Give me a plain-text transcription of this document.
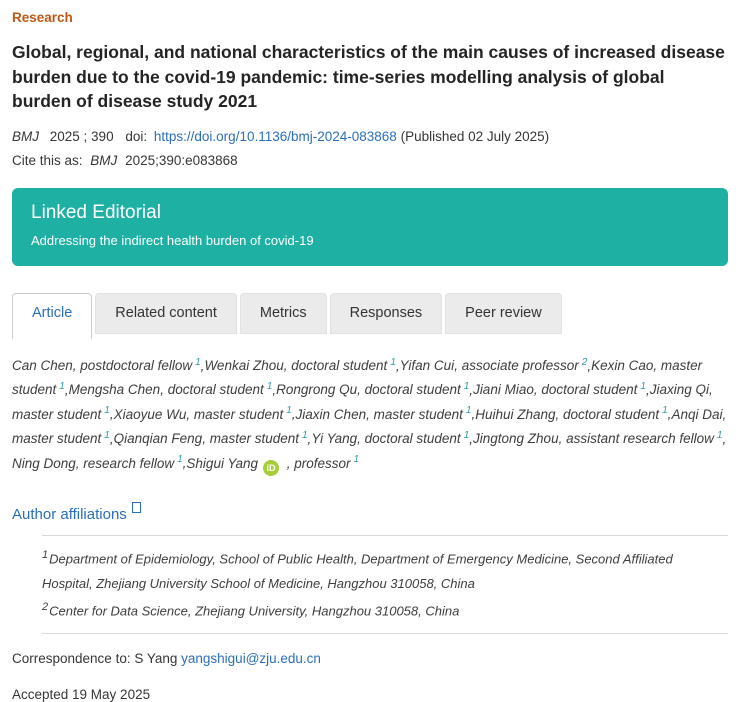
Research
Global, regional, and national characteristics of the main causes of increased disease burden due to the covid-19 pandemic: time-series modelling analysis of global burden of disease study 2021
BMJ 2025 ; 390 doi: https://doi.org/10.1136/bmj-2024-083868 (Published 02 July 2025)
Cite this as: BMJ 2025;390:e083868
Linked Editorial
Addressing the indirect health burden of covid-19
Article	Related content	Metrics	Responses	Peer review
Can Chen, postdoctoral fellow $^1$,​Wenkai Zhou, doctoral student $^1$,​Yifan Cui, associate professor $^2$,​Kexin Cao, master student $^1$,​Mengsha Chen, doctoral student $^1$,​Rongrong Qu, doctoral student $^1$,​Jiani Miao, doctoral student $^1$,​Jiaxing Qi, master student $^1$,​Xiaoyue Wu, master student $^1$,​Jiaxin Chen, master student $^1$,​Huihui Zhang, doctoral student $^1$,​Anqi Dai, master student $^1$,​Qianqian Feng, master student $^1$,​Yi Yang, doctoral student $^1$,​Jingtong Zhou, assistant research fellow $^1$,​Ning Dong, research fellow $^1$,​Shigui Yang iD , professor $^1$
Author affiliations
$^1$Department of Epidemiology, School of Public Health, Department of Emergency Medicine, Second Affiliated Hospital, Zhejiang University School of Medicine, Hangzhou 310058, China
$^2$Center for Data Science, Zhejiang University, Hangzhou 310058, China
Correspondence to: S Yang yangshigui@zju.edu.cn
Accepted 19 May 2025
